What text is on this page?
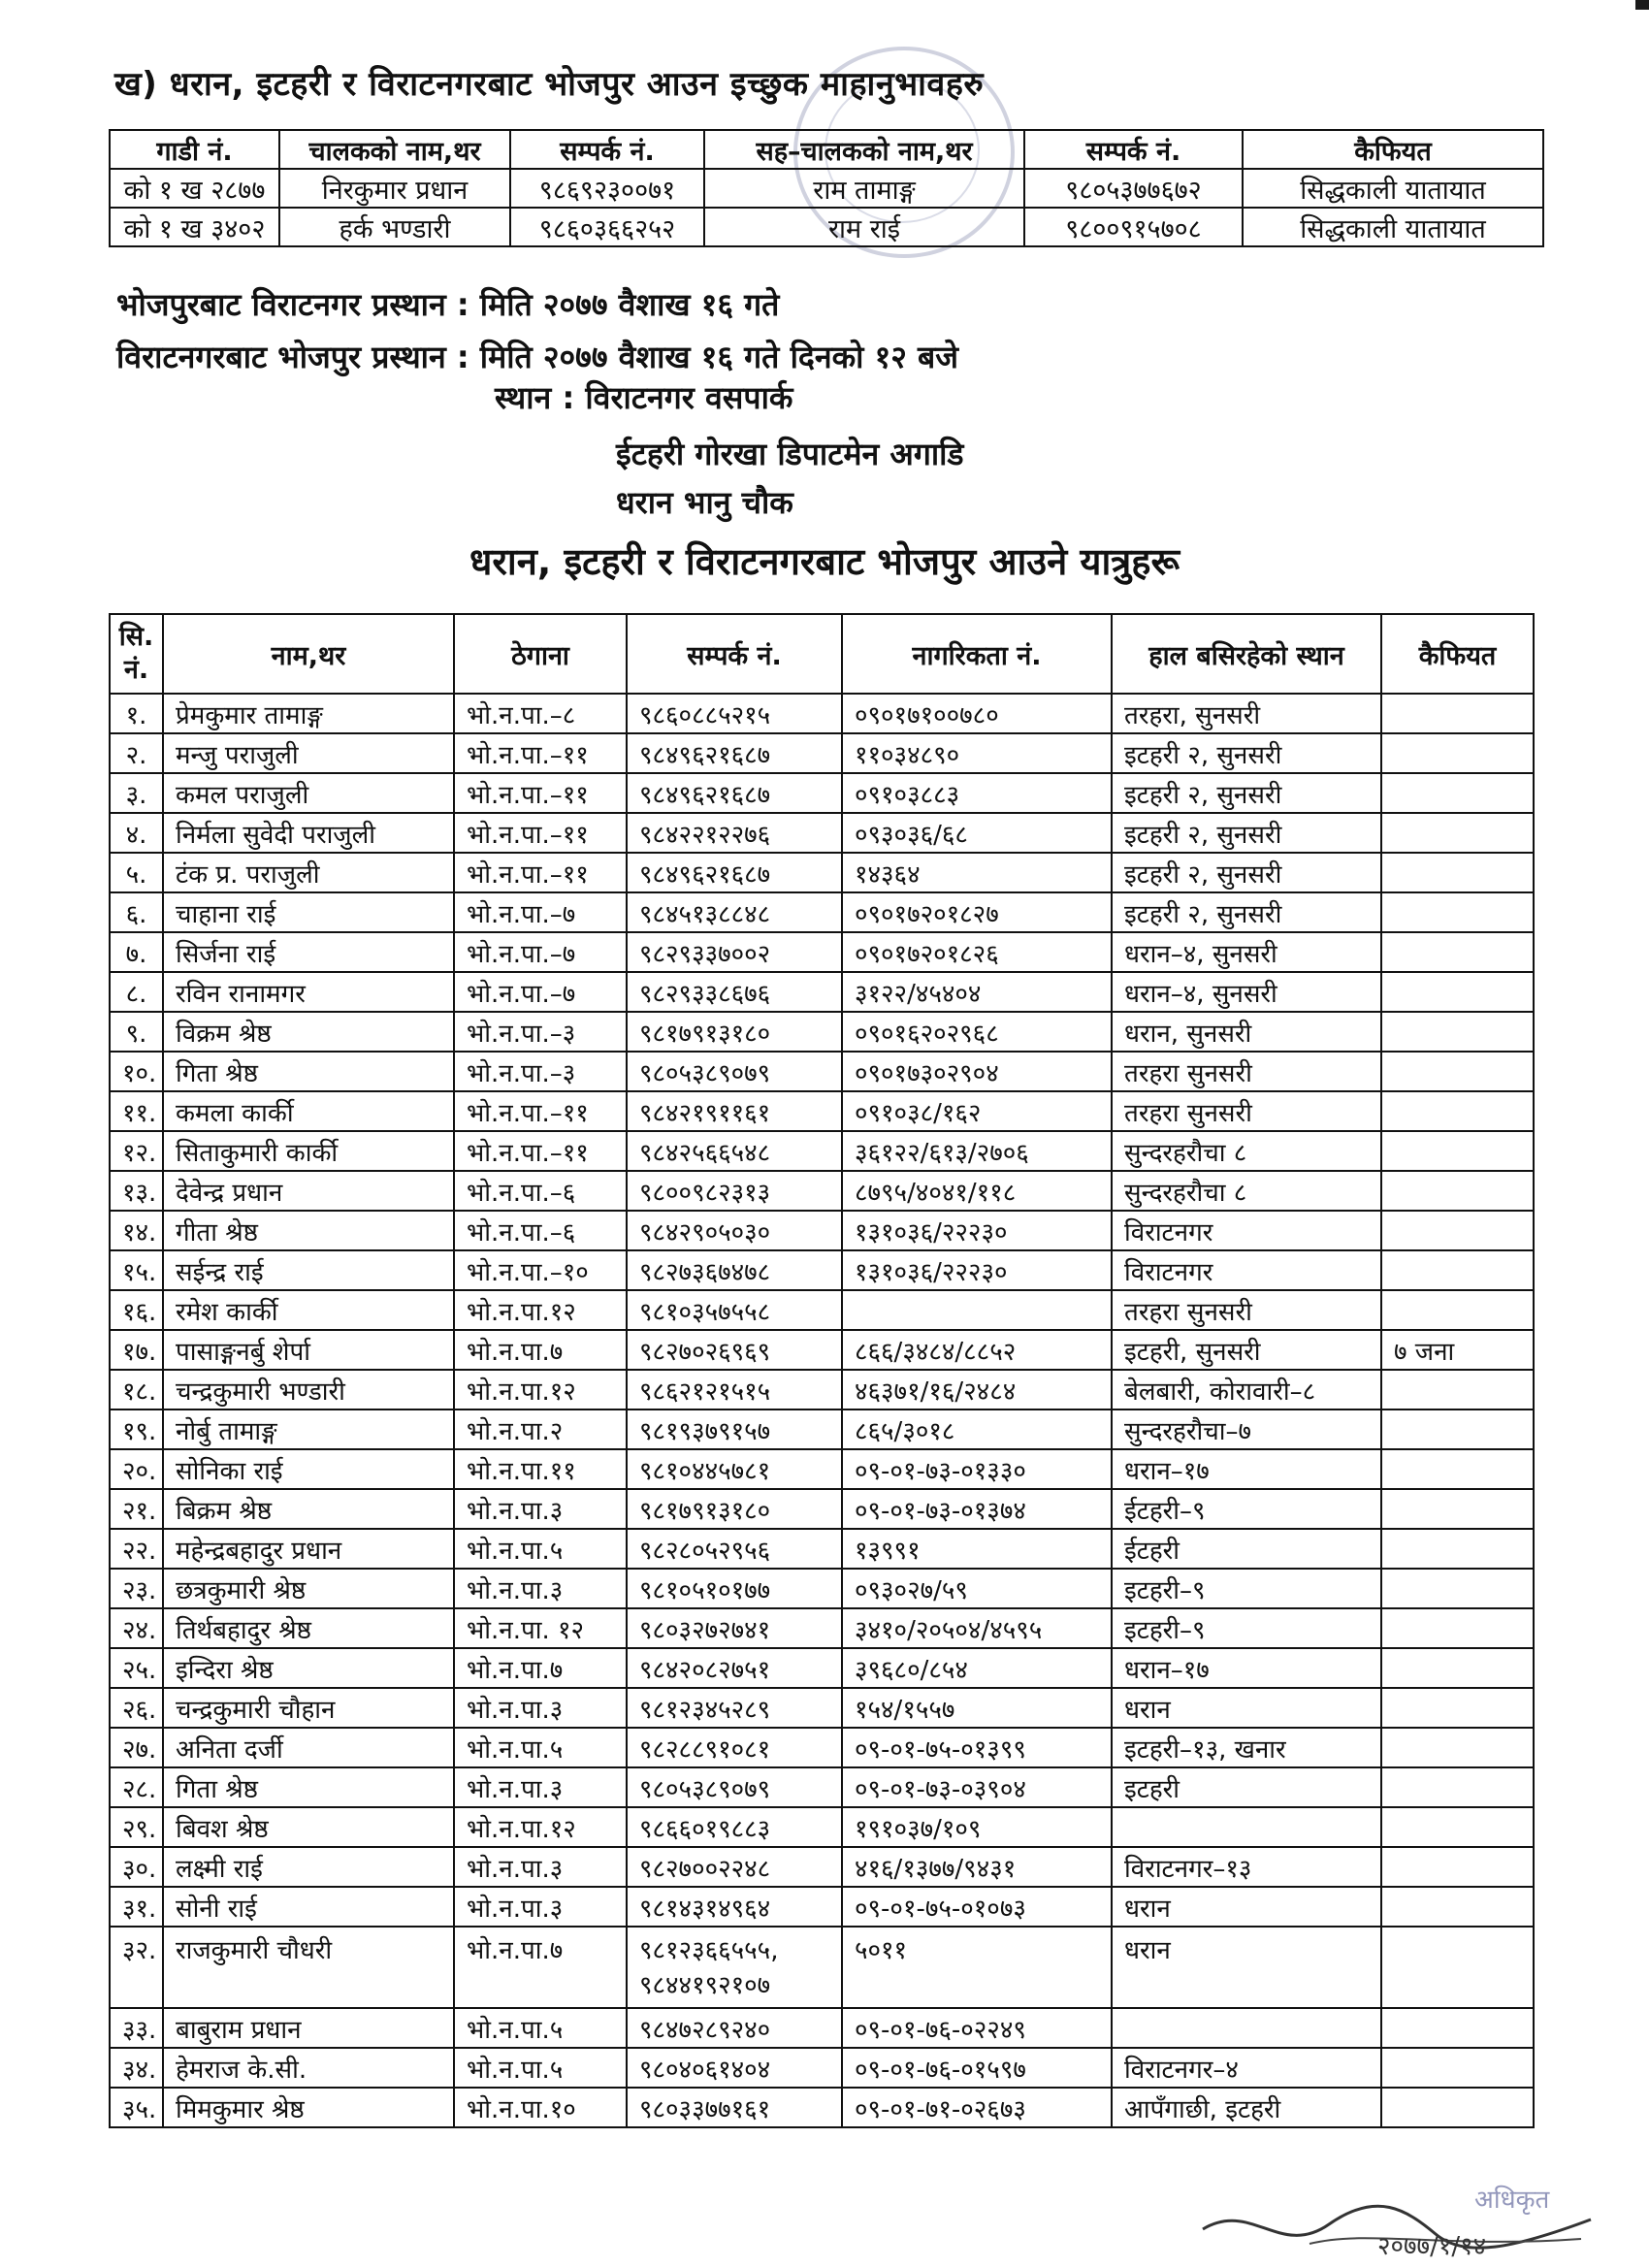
ख) धरान, इटहरी र विराटनगरबाट भोजपुर आउन इच्छुक माहानुभावहरु
गाडी नं.	चालकको नाम,थर	सम्पर्क नं.	सह–चालकको नाम,थर	सम्पर्क नं.	कैफियत
को १ ख २८७७	निरकुमार प्रधान	९८६९२३००७१	राम तामाङ्ग	९८०५३७७६७२	सिद्धकाली यातायात
को १ ख ३४०२	हर्क भण्डारी	९८६०३६६२५२	राम राई	९८००९१५७०८	सिद्धकाली यातायात
भोजपुरबाट विराटनगर प्रस्थान : मिति २०७७ वैशाख १६ गते
विराटनगरबाट भोजपुर प्रस्थान : मिति २०७७ वैशाख १६ गते दिनको १२ बजे
स्थान : विराटनगर वसपार्क
ईटहरी गोरखा डिपाटमेन अगाडि
धरान भानु चौक
धरान, इटहरी र विराटनगरबाट भोजपुर आउने यात्रुहरू
सि. नं.	नाम,थर	ठेगाना	सम्पर्क नं.	नागरिकता नं.	हाल बसिरहेको स्थान	कैफियत
१.	प्रेमकुमार तामाङ्ग	भो.न.पा.–८	९८६०८८५२१५	०९०१७१००७८०	तरहरा, सुनसरी	
२.	मन्जु पराजुली	भो.न.पा.–११	९८४९६२१६८७	११०३४८९०	इटहरी २, सुनसरी	
३.	कमल पराजुली	भो.न.पा.–११	९८४९६२१६८७	०९१०३८८३	इटहरी २, सुनसरी	
४.	निर्मला सुवेदी पराजुली	भो.न.पा.–११	९८४२२१२२७६	०९३०३६/६८	इटहरी २, सुनसरी	
५.	टंक प्र. पराजुली	भो.न.पा.–११	९८४९६२१६८७	१४३६४	इटहरी २, सुनसरी	
६.	चाहाना राई	भो.न.पा.–७	९८४५१३८८४८	०९०१७२०१८२७	इटहरी २, सुनसरी	
७.	सिर्जना राई	भो.न.पा.–७	९८२९३३७००२	०९०१७२०१८२६	धरान–४, सुनसरी	
८.	रविन रानामगर	भो.न.पा.–७	९८२९३३८६७६	३१२२/४५४०४	धरान–४, सुनसरी	
९.	विक्रम श्रेष्ठ	भो.न.पा.–३	९८१७९१३१८०	०९०१६२०२९६८	धरान, सुनसरी	
१०.	गिता श्रेष्ठ	भो.न.पा.–३	९८०५३८९०७९	०९०१७३०२९०४	तरहरा सुनसरी	
११.	कमला कार्की	भो.न.पा.–११	९८४२१९११६१	०९१०३८/१६२	तरहरा सुनसरी	
१२.	सिताकुमारी कार्की	भो.न.पा.–११	९८४२५६६५४८	३६१२२/६१३/२७०६	सुन्दरहरौचा ८	
१३.	देवेन्द्र प्रधान	भो.न.पा.–६	९८००९८२३१३	८७९५/४०४१/११८	सुन्दरहरौचा ८	
१४.	गीता श्रेष्ठ	भो.न.पा.–६	९८४२९०५०३०	१३१०३६/२२२३०	विराटनगर	
१५.	सईन्द्र राई	भो.न.पा.–१०	९८२७३६७४७८	१३१०३६/२२२३०	विराटनगर	
१६.	रमेश कार्की	भो.न.पा.१२	९८१०३५७५५८		तरहरा सुनसरी	
१७.	पासाङ्गनर्बु शेर्पा	भो.न.पा.७	९८२७०२६९६९	८६६/३४८४/८८५२	इटहरी, सुनसरी	७ जना
१८.	चन्द्रकुमारी भण्डारी	भो.न.पा.१२	९८६२१२१५१५	४६३७१/१६/२४८४	बेलबारी, कोरावारी–८	
१९.	नोर्बु तामाङ्ग	भो.न.पा.२	९८१९३७९१५७	८६५/३०१८	सुन्दरहरौचा–७	
२०.	सोनिका राई	भो.न.पा.११	९८१०४४५७८१	०९-०१-७३-०१३३०	धरान–१७	
२१.	बिक्रम श्रेष्ठ	भो.न.पा.३	९८१७९१३१८०	०९-०१-७३-०१३७४	ईटहरी–९	
२२.	महेन्द्रबहादुर प्रधान	भो.न.पा.५	९८२८०५२९५६	१३९९१	ईटहरी	
२३.	छत्रकुमारी श्रेष्ठ	भो.न.पा.३	९८१०५१०१७७	०९३०२७/५९	इटहरी–९	
२४.	तिर्थबहादुर श्रेष्ठ	भो.न.पा. १२	९८०३२७२७४१	३४१०/२०५०४/४५९५	इटहरी–९	
२५.	इन्दिरा श्रेष्ठ	भो.न.पा.७	९८४२०८२७५१	३९६८०/८५४	धरान–१७	
२६.	चन्द्रकुमारी चौहान	भो.न.पा.३	९८१२३४५२८९	१५४/१५५७	धरान	
२७.	अनिता दर्जी	भो.न.पा.५	९८२८८९१०८१	०९-०१-७५-०१३९९	इटहरी–१३, खनार	
२८.	गिता श्रेष्ठ	भो.न.पा.३	९८०५३८९०७९	०९-०१-७३-०३९०४	इटहरी	
२९.	बिवश श्रेष्ठ	भो.न.पा.१२	९८६६०१९८८३	१९१०३७/१०९		
३०.	लक्ष्मी राई	भो.न.पा.३	९८२७००२२४८	४१६/१३७७/९४३१	विराटनगर–१३	
३१.	सोनी राई	भो.न.पा.३	९८१४३१४९६४	०९-०१-७५-०१०७३	धरान	
३२.	राजकुमारी चौधरी	भो.न.पा.७	९८१२३६६५५५,
९८४४१९२१०७	५०११	धरान	
३३.	बाबुराम प्रधान	भो.न.पा.५	९८४७२८९२४०	०९-०१-७६-०२२४९		
३४.	हेमराज के.सी.	भो.न.पा.५	९८०४०६१४०४	०९-०१-७६-०१५९७	विराटनगर–४	
३५.	मिमकुमार श्रेष्ठ	भो.न.पा.१०	९८०३३७७१६१	०९-०१-७१-०२६७३	आपँगाछी, इटहरी	
अधिकृत
२०७७/१/१४
